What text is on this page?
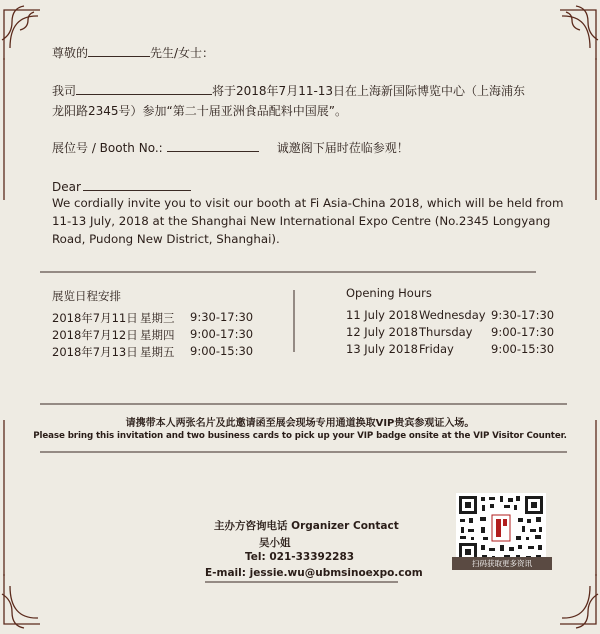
尊敬的	先生/女士：
我司	将于2018年7月11-13日在上海新国际博览中心（上海浦东
龙阳路2345号）参加“第二十届亚洲食品配料中国展”。
展位号 / Booth No.:	诚邀阁下届时莅临参观！
Dear
We cordially invite you to visit our booth at Fi Asia-China 2018, which will be held from
11-13 July, 2018 at the Shanghai New International Expo Centre (No.2345 Longyang
Road, Pudong New District, Shanghai).
展览日程安排
2018年7月11日 星期三 9:30-17:30
2018年7月12日 星期四 9:00-17:30
2018年7月13日 星期五 9:00-15:30
Opening Hours
11 July 2018 Wednesday 9:30-17:30
12 July 2018 Thursday 9:00-17:30
13 July 2018 Friday	9:00-15:30
请携带本人两张名片及此邀请函至展会现场专用通道换取VIP贵宾参观证入场。
Please bring this invitation and two business cards to pick up your VIP badge onsite at the VIP Visitor Counter.
主办方咨询电话 Organizer Contact
吴小姐
Tel: 021-33392283
E-mail: jessie.wu@ubmsinoexpo.com
扫码获取更多资讯
